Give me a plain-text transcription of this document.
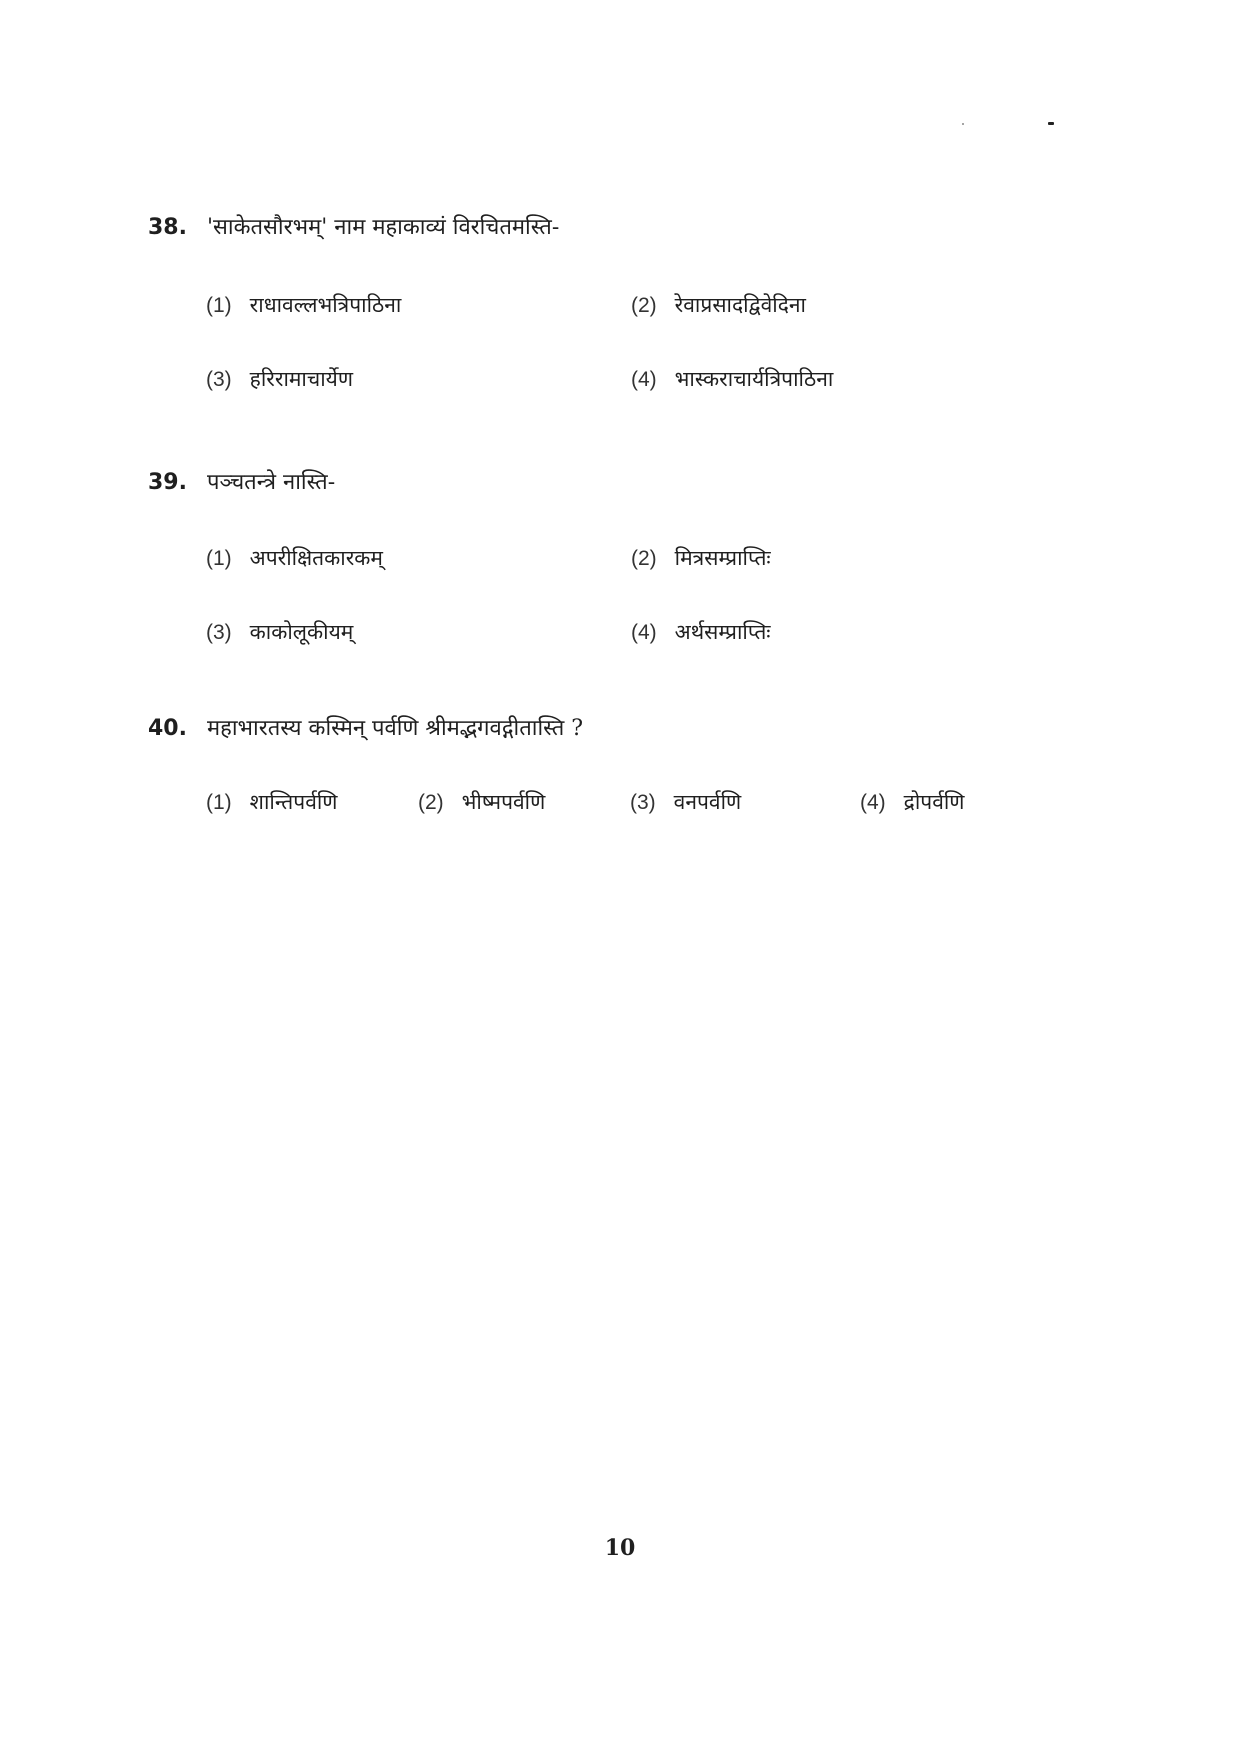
38. 'साकेतसौरभम्' नाम महाकाव्यं विरचितमस्ति-
(1) राधावल्लभत्रिपाठिना	(2) रेवाप्रसादद्विवेदिना
(3) हरिरामाचार्येण	(4) भास्कराचार्यत्रिपाठिना
39. पञ्चतन्त्रे नास्ति-
(1) अपरीक्षितकारकम्	(2) मित्रसम्प्राप्तिः
(3) काकोलूकीयम्	(4) अर्थसम्प्राप्तिः
40. महाभारतस्य कस्मिन् पर्वणि श्रीमद्भगवद्गीतास्ति ?
(1) शान्तिपर्वणि	(2) भीष्मपर्वणि	(3) वनपर्वणि	(4) द्रोपर्वणि
10
